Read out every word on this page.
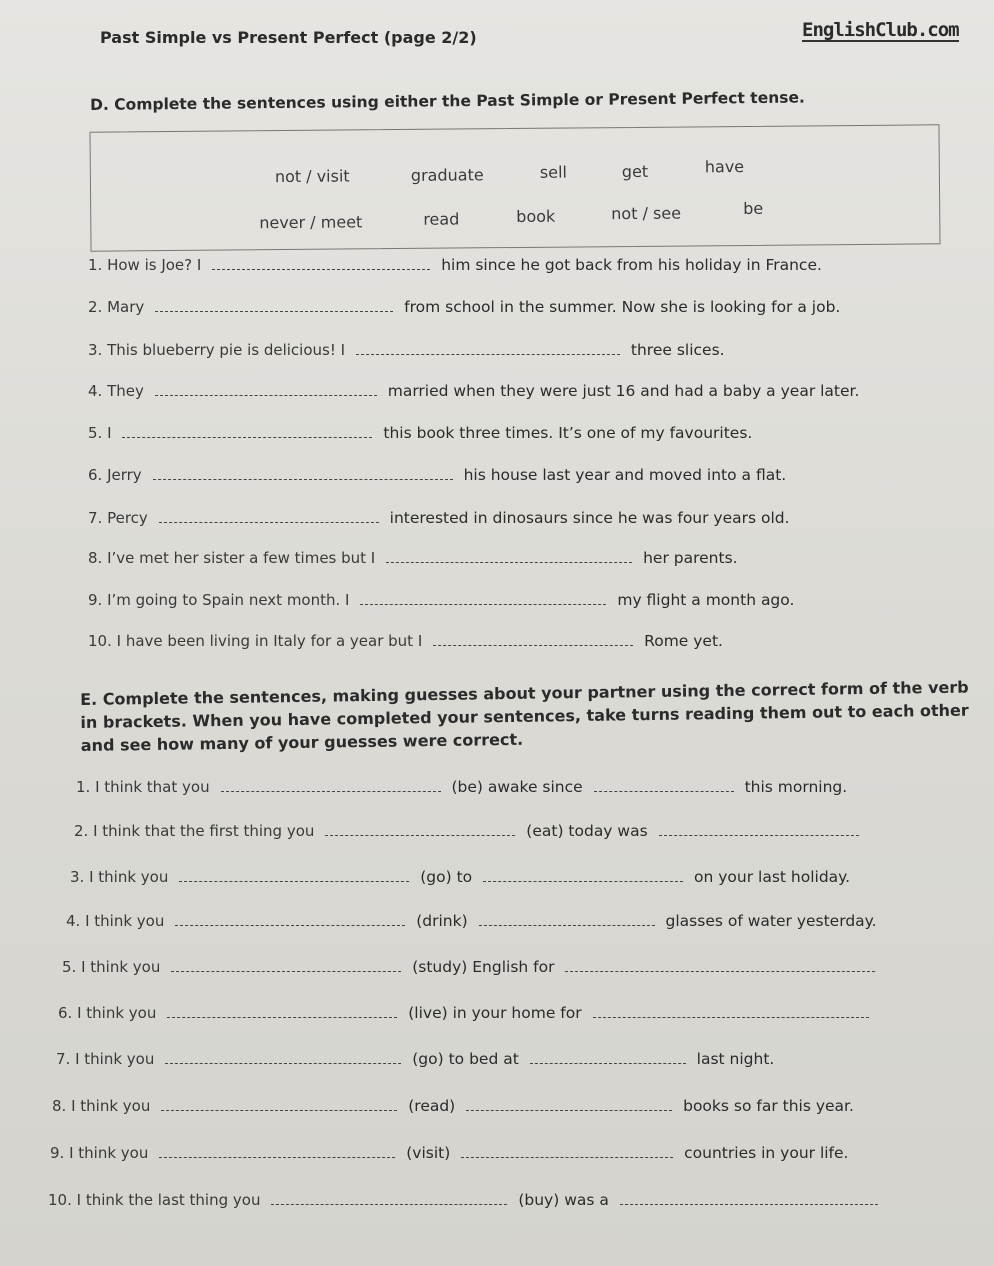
Past Simple vs Present Perfect (page 2/2)	EnglishClub.com
D. Complete the sentences using either the Past Simple or Present Perfect tense.
not / visit	graduate	sell	get	have
never / meet	read	book	not / see	be
1. How is Joe? I	him since he got back from his holiday in France.
2. Mary	from school in the summer. Now she is looking for a job.
3. This blueberry pie is delicious! I	three slices.
4. They	married when they were just 16 and had a baby a year later.
5. I	this book three times. It’s one of my favourites.
6. Jerry	his house last year and moved into a flat.
7. Percy	interested in dinosaurs since he was four years old.
8. I’ve met her sister a few times but I	her parents.
9. I’m going to Spain next month. I	my flight a month ago.
10. I have been living in Italy for a year but I	Rome yet.
E. Complete the sentences, making guesses about your partner using the correct form of the verb in brackets. When you have completed your sentences, take turns reading them out to each other and see how many of your guesses were correct.
1. I think that you	(be) awake since	this morning.
2. I think that the first thing you	(eat) today was
3. I think you	(go) to	on your last holiday.
4. I think you	(drink)	glasses of water yesterday.
5. I think you	(study) English for
6. I think you	(live) in your home for
7. I think you	(go) to bed at	last night.
8. I think you	(read)	books so far this year.
9. I think you	(visit)	countries in your life.
10. I think the last thing you	(buy) was a
